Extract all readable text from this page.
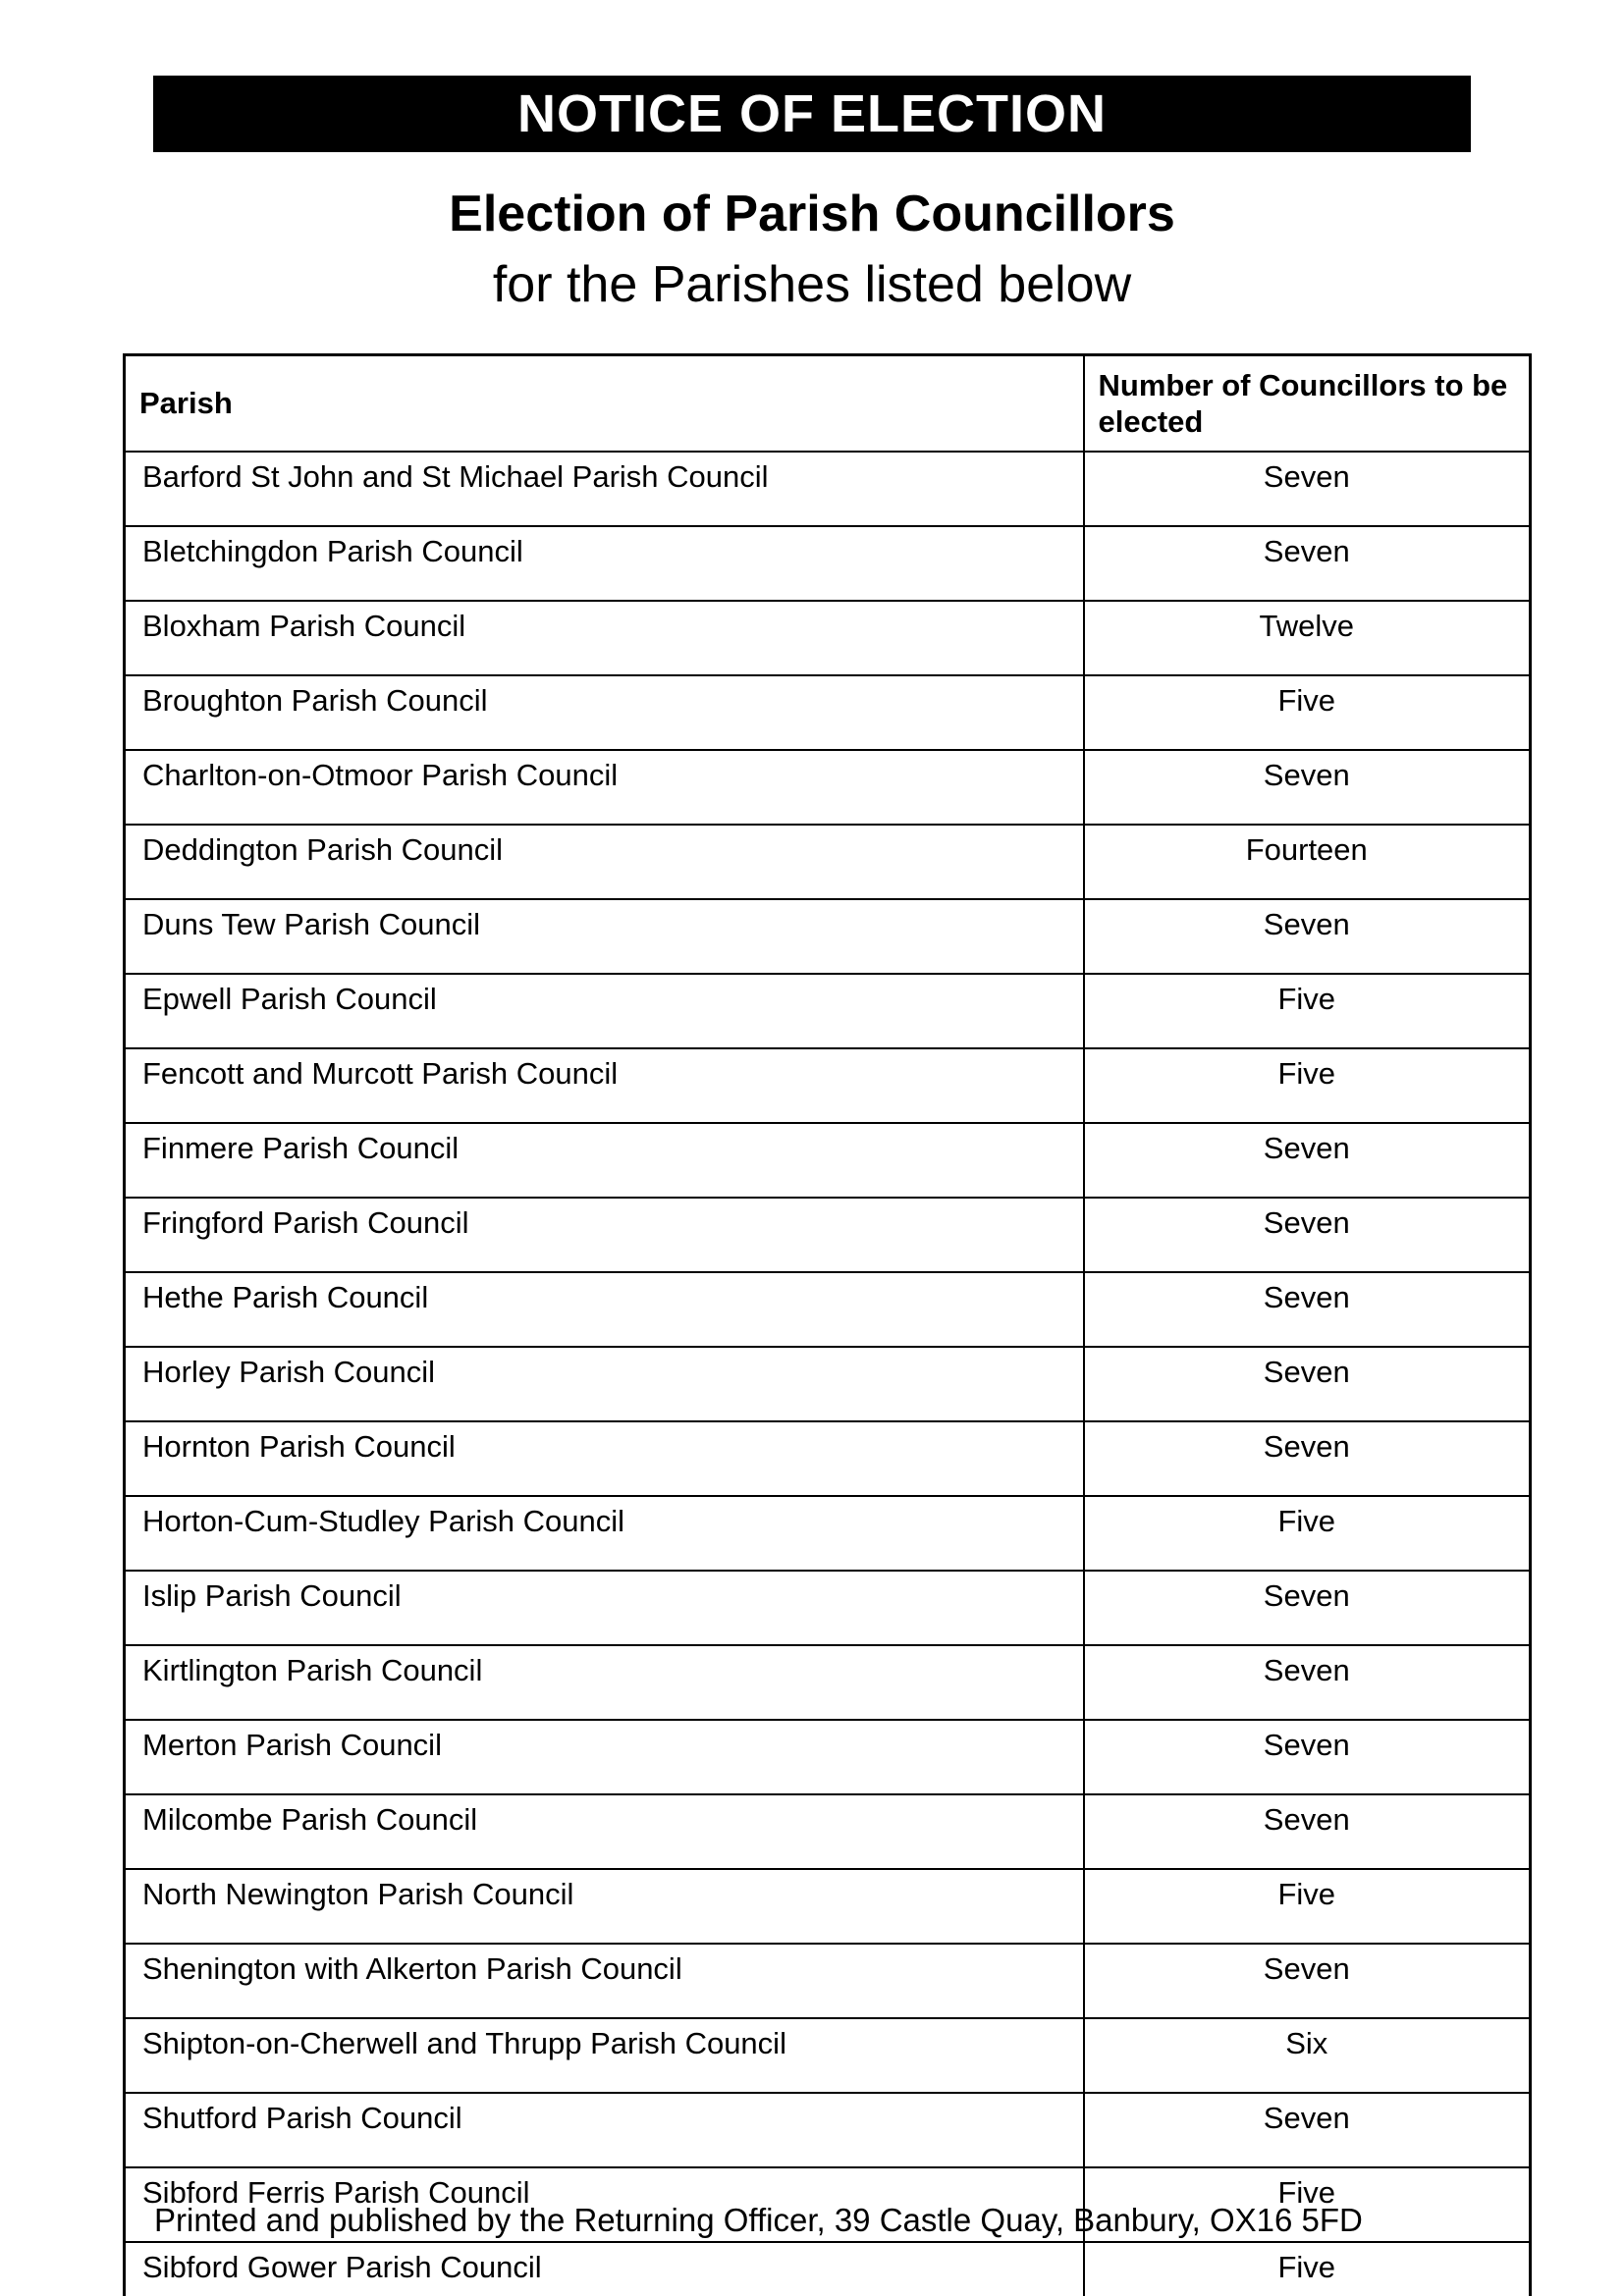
NOTICE OF ELECTION
Election of Parish Councillors
for the Parishes listed below
Parish	Number of Councillors to be elected
Barford St John and St Michael Parish Council	Seven
Bletchingdon Parish Council	Seven
Bloxham Parish Council	Twelve
Broughton Parish Council	Five
Charlton-on-Otmoor Parish Council	Seven
Deddington Parish Council	Fourteen
Duns Tew Parish Council	Seven
Epwell Parish Council	Five
Fencott and Murcott Parish Council	Five
Finmere Parish Council	Seven
Fringford Parish Council	Seven
Hethe Parish Council	Seven
Horley Parish Council	Seven
Hornton Parish Council	Seven
Horton-Cum-Studley Parish Council	Five
Islip Parish Council	Seven
Kirtlington Parish Council	Seven
Merton Parish Council	Seven
Milcombe Parish Council	Seven
North Newington Parish Council	Five
Shenington with Alkerton Parish Council	Seven
Shipton-on-Cherwell and Thrupp Parish Council	Six
Shutford Parish Council	Seven
Sibford Ferris Parish Council	Five
Sibford Gower Parish Council	Five
Printed and published by the Returning Officer, 39 Castle Quay, Banbury, OX16 5FD
